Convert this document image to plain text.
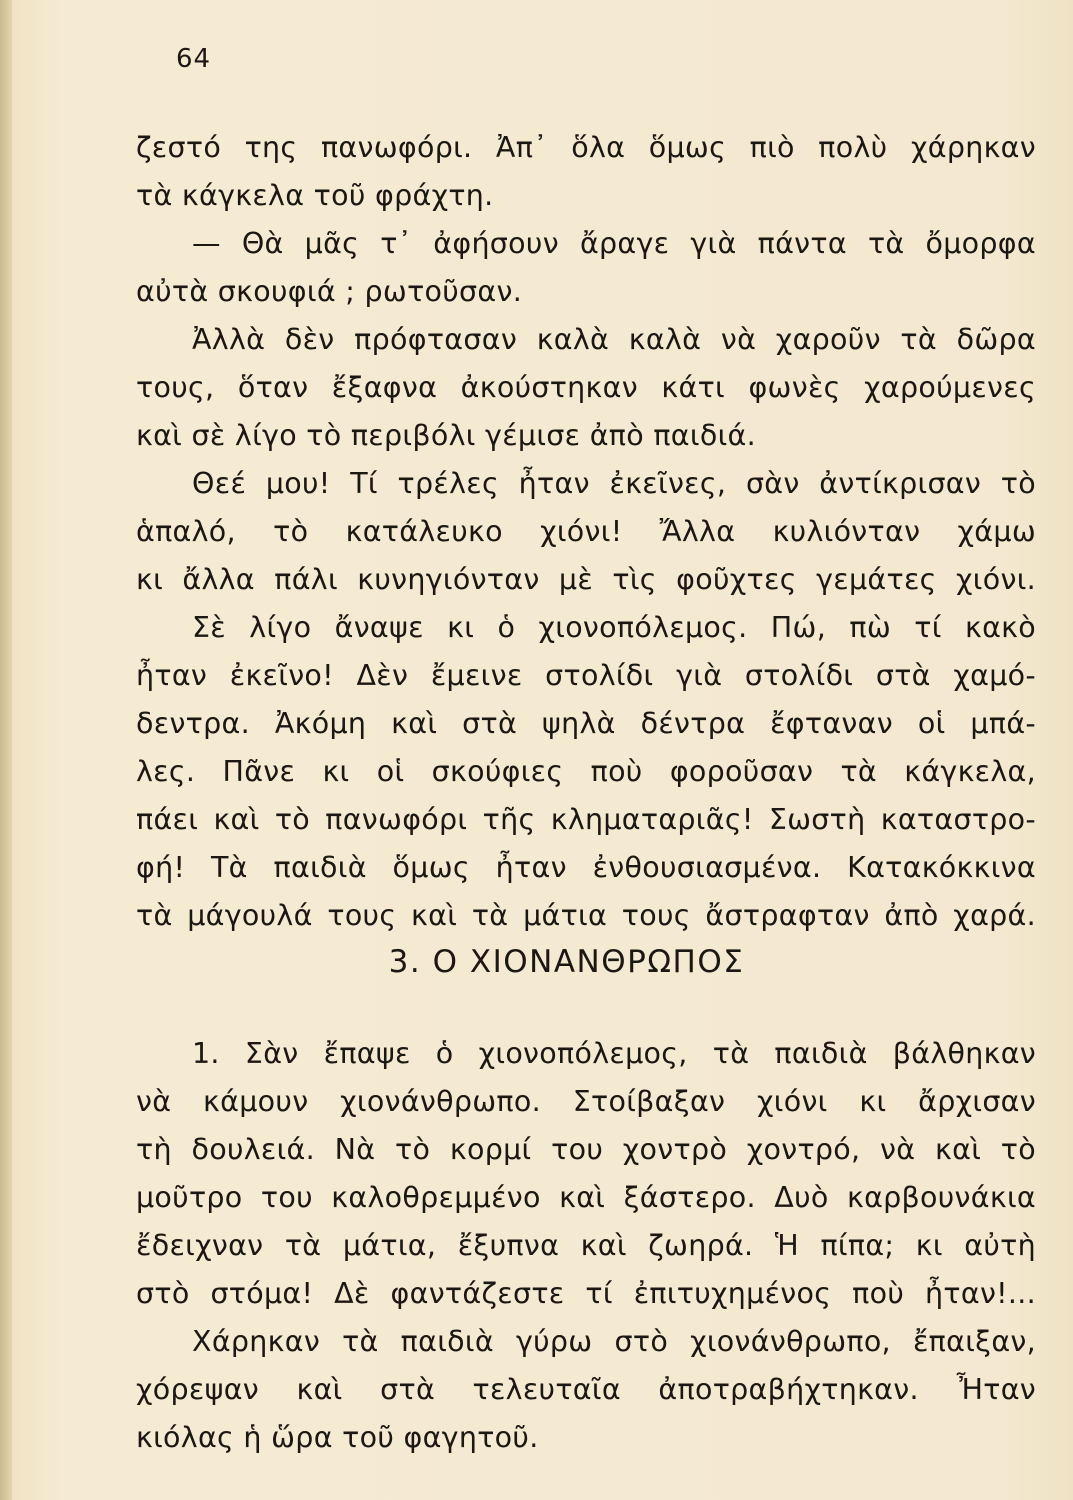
64
ζεστό της πανωφόρι. Ἀπ᾿ ὅλα ὅμως πιὸ πολὺ χάρηκαν
τὰ κάγκελα τοῦ φράχτη.
— Θὰ μᾶς τ᾿ ἀφήσουν ἄραγε γιὰ πάντα τὰ ὄμορφα
αὐτὰ σκουφιά ; ρωτοῦσαν.
Ἀλλὰ δὲν πρόφτασαν καλὰ καλὰ νὰ χαροῦν τὰ δῶρα
τους, ὅταν ἔξαφνα ἀκούστηκαν κάτι φωνὲς χαρούμενες
καὶ σὲ λίγο τὸ περιβόλι γέμισε ἀπὸ παιδιά.
Θεέ μου! Τί τρέλες ἦταν ἐκεῖνες, σὰν ἀντίκρισαν τὸ
ἁπαλό, τὸ κατάλευκο χιόνι! Ἄλλα κυλιόνταν χάμω
κι ἄλλα πάλι κυνηγιόνταν μὲ τὶς φοῦχτες γεμάτες χιόνι.
Σὲ λίγο ἄναψε κι ὁ χιονοπόλεμος. Πώ, πὼ τί κακὸ
ἦταν ἐκεῖνο! Δὲν ἔμεινε στολίδι γιὰ στολίδι στὰ χαμό-
δεντρα. Ἀκόμη καὶ στὰ ψηλὰ δέντρα ἔφταναν οἱ μπά-
λες. Πᾶνε κι οἱ σκούφιες ποὺ φοροῦσαν τὰ κάγκελα,
πάει καὶ τὸ πανωφόρι τῆς κληματαριᾶς! Σωστὴ καταστρο-
φή! Τὰ παιδιὰ ὅμως ἦταν ἐνθουσιασμένα. Κατακόκκινα
τὰ μάγουλά τους καὶ τὰ μάτια τους ἄστραφταν ἀπὸ χαρά.
3. Ο ΧΙΟΝΑΝΘΡΩΠΟΣ
1. Σὰν ἔπαψε ὁ χιονοπόλεμος, τὰ παιδιὰ βάλθηκαν
νὰ κάμουν χιονάνθρωπο. Στοίβαξαν χιόνι κι ἄρχισαν
τὴ δουλειά. Νὰ τὸ κορμί του χοντρὸ χοντρό, νὰ καὶ τὸ
μοῦτρο του καλοθρεμμένο καὶ ξάστερο. Δυὸ καρβουνάκια
ἔδειχναν τὰ μάτια, ἔξυπνα καὶ ζωηρά. Ἡ πίπα; κι αὐτὴ
στὸ στόμα! Δὲ φαντάζεστε τί ἐπιτυχημένος ποὺ ἦταν!...
Χάρηκαν τὰ παιδιὰ γύρω στὸ χιονάνθρωπο, ἔπαιξαν,
χόρεψαν καὶ στὰ τελευταῖα ἀποτραβήχτηκαν. Ἦταν
κιόλας ἡ ὥρα τοῦ φαγητοῦ.
